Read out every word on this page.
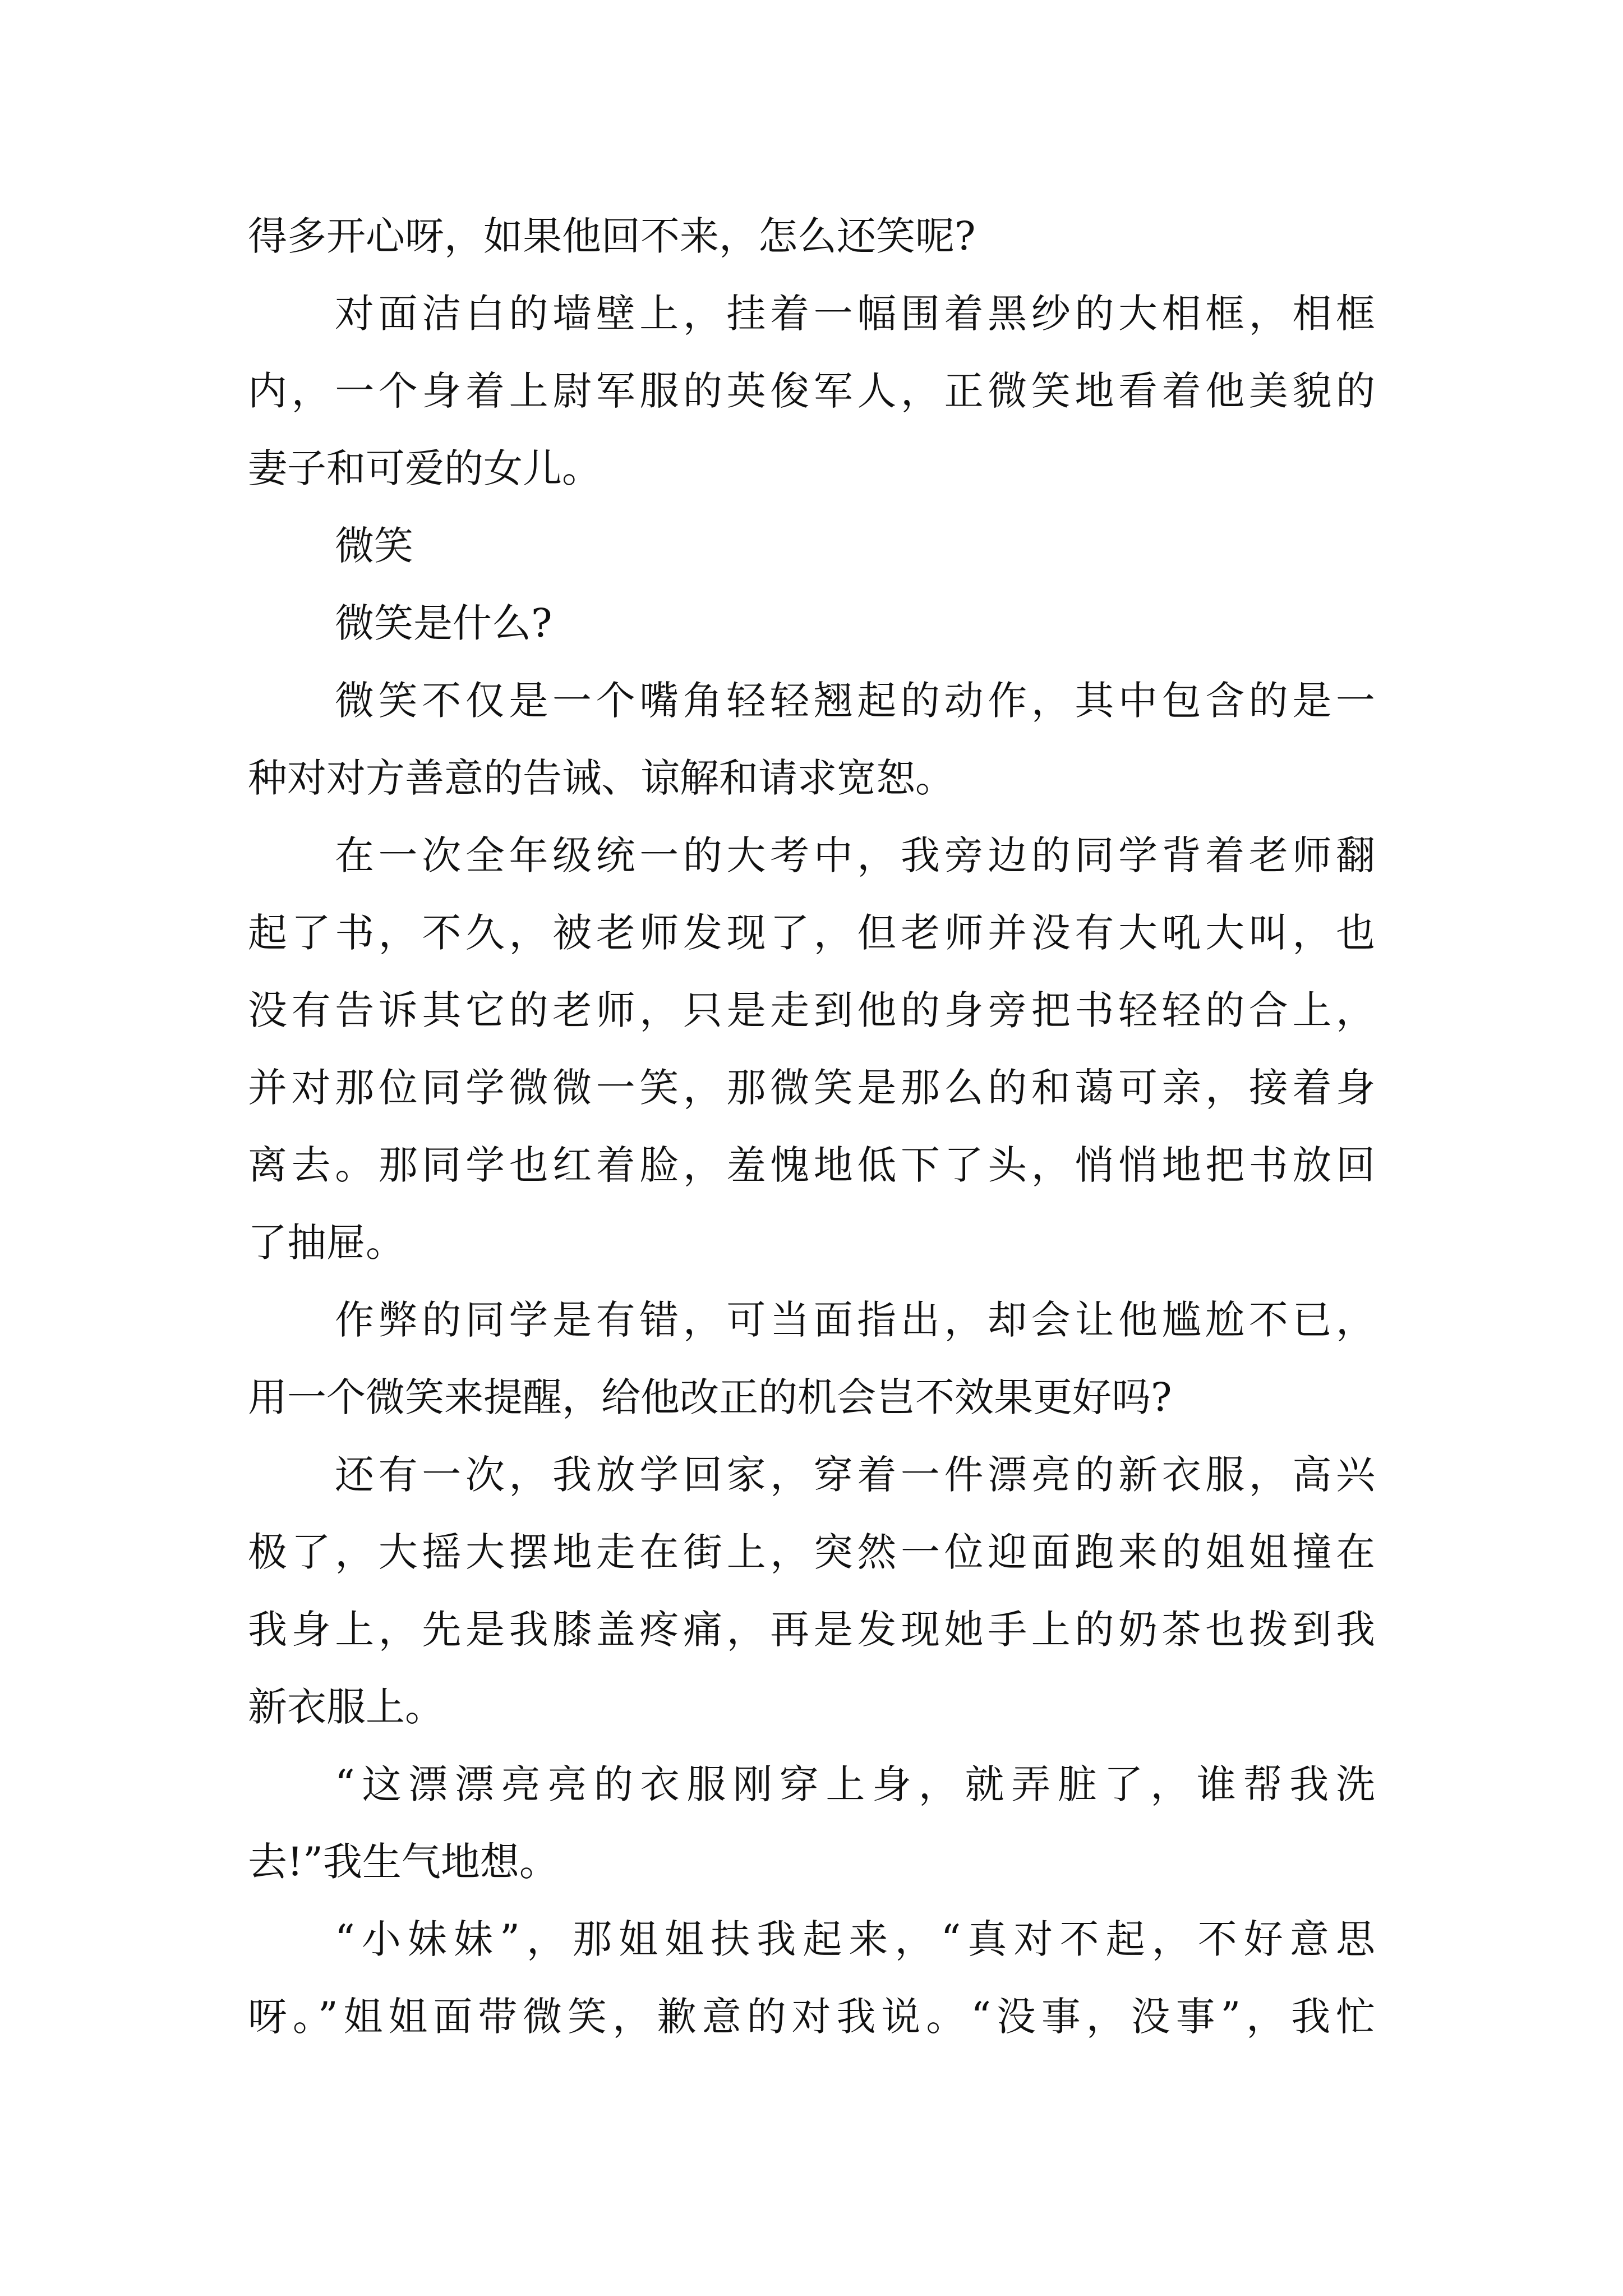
得多开心呀，如果他回不来，怎么还笑呢?
对面洁白的墙壁上，挂着一幅围着黑纱的大相框，相框
内，一个身着上尉军服的英俊军人，正微笑地看着他美貌的
妻子和可爱的女儿。
微笑
微笑是什么?
微笑不仅是一个嘴角轻轻翘起的动作，其中包含的是一
种对对方善意的告诫、谅解和请求宽恕。
在一次全年级统一的大考中，我旁边的同学背着老师翻
起了书，不久，被老师发现了，但老师并没有大吼大叫，也
没有告诉其它的老师，只是走到他的身旁把书轻轻的合上，
并对那位同学微微一笑，那微笑是那么的和蔼可亲，接着身
离去。那同学也红着脸，羞愧地低下了头，悄悄地把书放回
了抽屉。
作弊的同学是有错，可当面指出，却会让他尴尬不已，
用一个微笑来提醒，给他改正的机会岂不效果更好吗?
还有一次，我放学回家，穿着一件漂亮的新衣服，高兴
极了，大摇大摆地走在街上，突然一位迎面跑来的姐姐撞在
我身上，先是我膝盖疼痛，再是发现她手上的奶茶也拨到我
新衣服上。
“这漂漂亮亮的衣服刚穿上身，就弄脏了，谁帮我洗
去!”我生气地想。
“小妹妹”，那姐姐扶我起来，“真对不起，不好意思
呀。”姐姐面带微笑，歉意的对我说。“没事，没事”，我忙
